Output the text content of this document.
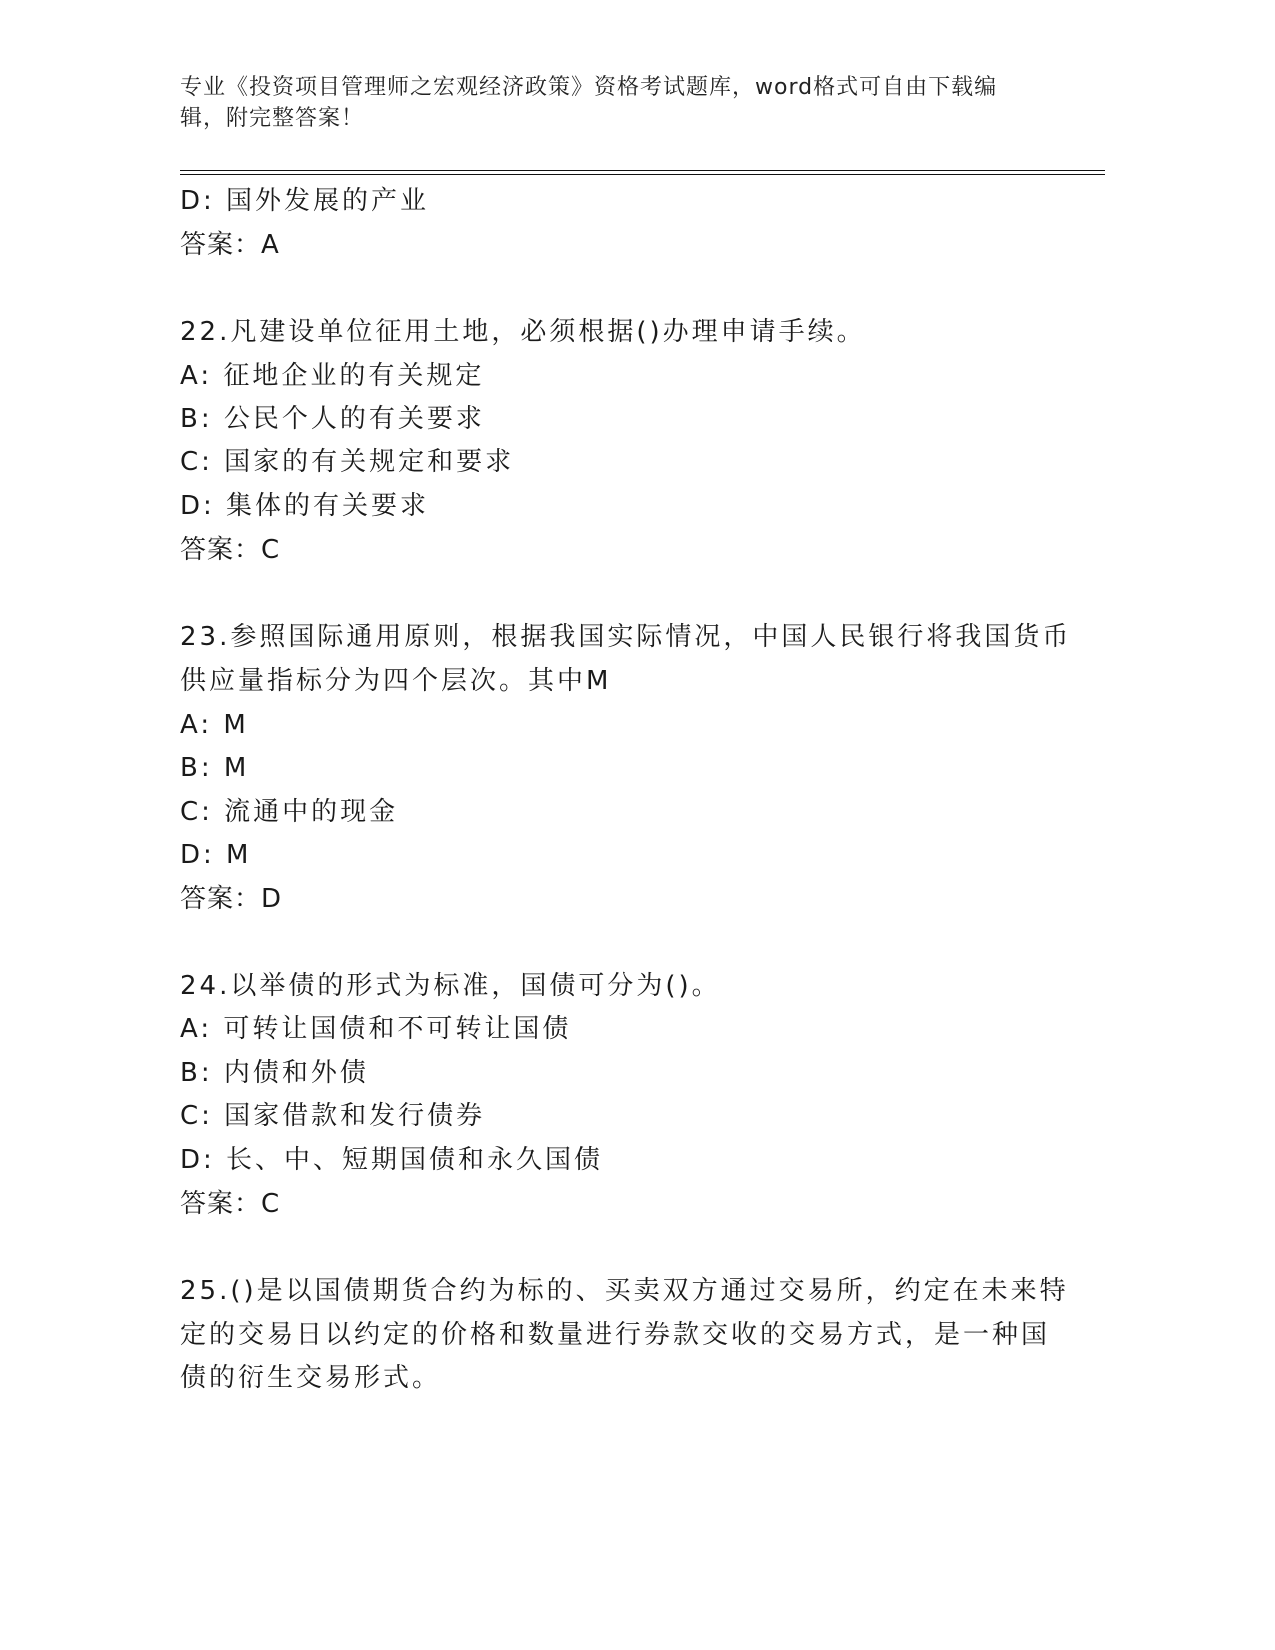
专业《投资项目管理师之宏观经济政策》资格考试题库，word格式可自由下载编
辑，附完整答案！
D: 国外发展的产业
答案：A
22.凡建设单位征用土地，必须根据()办理申请手续。
A: 征地企业的有关规定
B: 公民个人的有关要求
C: 国家的有关规定和要求
D: 集体的有关要求
答案：C
23.参照国际通用原则，根据我国实际情况，中国人民银行将我国货币
供应量指标分为四个层次。其中M
A: M
B: M
C: 流通中的现金
D: M
答案：D
24.以举债的形式为标准，国债可分为()。
A: 可转让国债和不可转让国债
B: 内债和外债
C: 国家借款和发行债券
D: 长、中、短期国债和永久国债
答案：C
25.()是以国债期货合约为标的、买卖双方通过交易所，约定在未来特
定的交易日以约定的价格和数量进行券款交收的交易方式，是一种国
债的衍生交易形式。
